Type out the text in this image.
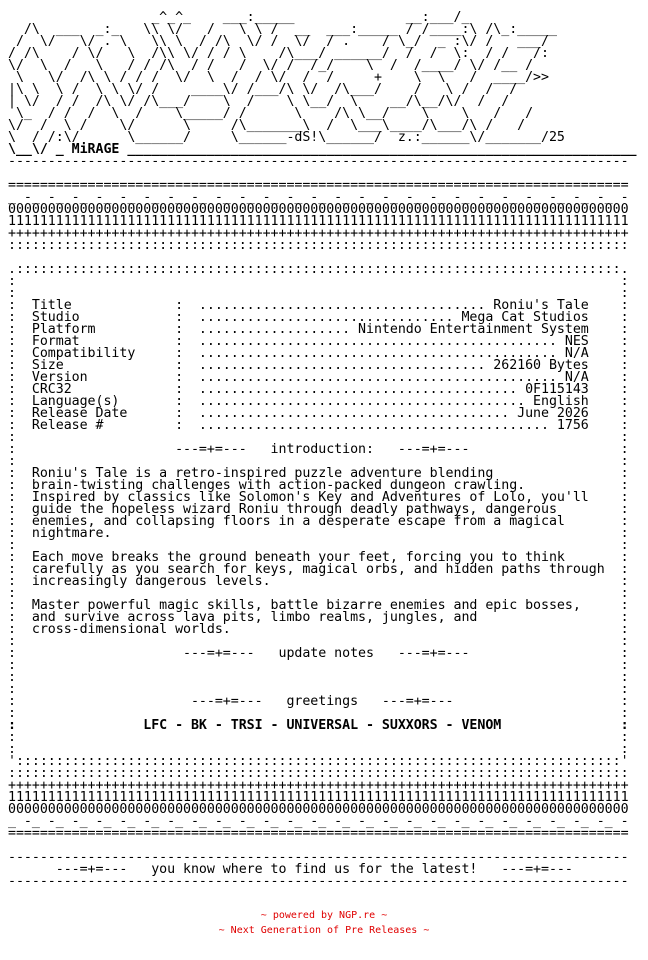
_^_^_    ___:_____              __:___/_
/\  ___  _:_   \\ \/   /   \ \ /  __  ___:_____ / /____:\ /\_:_____
/  \/   \/ . \   \\ \  / /\  \/ /  \/  / .    / \_/  _ :\/ /   ___/
/ /\    / \/   \  /\\ \/ / / \    /\___/ ______/  /  /  \:  / /   /:
\/  \  /   \   / / /\  / /   /  \/ /  /_/    \  /  /____/ \/ /__ /
\   \/  /\ \ / / /  \/  \  /  / \/  /  /     +    \  \   /  ____/>>
|\ \  \ /  \ \ \/ /    ____\/ /___/\ \/  /\___/    /   \ /  /  /
| \/  / /  /\ \/ /\___/    \  /    \ \__/  \    __/\__/\/  /  /
\_  / /  /  \  /    \_____/ /      \    /\ \__/    \    \   /   /
\/  /  \ /    \/      \     /\_______\  /  \___\____/\___/\ /   /
\  / /:\/      \______/     \______-dS!\______/  z.:______\/_______/25
\__\/ _ MiRAGE ________________________________________________________________
------------------------------------------------------------------------------

==============================================================================
_ -_ -_ -_ -_ -_ -_ -_ -_ -_ -_ -_ -_ -_ -_ -_ -_ -_ -_ -_ -_ -_ -_ -_ -_ -_ -
000000000000000000000000000000000000000000000000000000000000000000000000000000
111111111111111111111111111111111111111111111111111111111111111111111111111111
++++++++++++++++++++++++++++++++++++++++++++++++++++++++++++++++++++++++++++++
::::::::::::::::::::::::::::::::::::::::::::::::::::::::::::::::::::::::::::::

.::::::::::::::::::::::::::::::::::::::::::::::::::::::::::::::::::::::::::::.
:                                                                            :
:                                                                            :
:  Title             :  .................................... Roniu's Tale    :
:  Studio            :  ................................ Mega Cat Studios    :
:  Platform          :  ................... Nintendo Entertainment System    :
:  Format            :  ............................................. NES    :
:  Compatibility     :  ............................................. N/A    :
:  Size              :  .................................... 262160 Bytes    :
:  Version           :  ............................................. N/A    :
:  CRC32             :  ........................................ 0F115143    :
:  Language(s)       :  ......................................... English    :
:  Release Date      :  ....................................... June 2026    :
:  Release #         :  ............................................ 1756    :
:                                                                            :
:                    ---=+=---   introduction:   ---=+=---                   :
:                                                                            :
:  Roniu's Tale is a retro-inspired puzzle adventure blending                :
:  brain-twisting challenges with action-packed dungeon crawling.            :
:  Inspired by classics like Solomon's Key and Adventures of Lolo, you'll    :
:  guide the hopeless wizard Roniu through deadly pathways, dangerous        :
:  enemies, and collapsing floors in a desperate escape from a magical       :
:  nightmare.                                                                :
:                                                                            :
:  Each move breaks the ground beneath your feet, forcing you to think       :
:  carefully as you search for keys, magical orbs, and hidden paths through  :
:  increasingly dangerous levels.                                            :
:                                                                            :
:  Master powerful magic skills, battle bizarre enemies and epic bosses,     :
:  and survive across lava pits, limbo realms, jungles, and                  :
:  cross-dimensional worlds.                                                 :
:                                                                            :
:                     ---=+=---   update notes   ---=+=---                   :
:                                                                            :
:                                                                            :
:                                                                            :
:                      ---=+=---   greetings   ---=+=---                     :
:                                                                            :
:                LFC - BK - TRSI - UNIVERSAL - SUXXORS - VENOM               :
:                                                                            :
:                                                                            :
'::::::::::::::::::::::::::::::::::::::::::::::::::::::::::::::::::::::::::::'
::::::::::::::::::::::::::::::::::::::::::::::::::::::::::::::::::::::::::::::
++++++++++++++++++++++++++++++++++++++++++++++++++++++++++++++++++++++++++++++
111111111111111111111111111111111111111111111111111111111111111111111111111111
000000000000000000000000000000000000000000000000000000000000000000000000000000
_ -_ -_ -_ -_ -_ -_ -_ -_ -_ -_ -_ -_ -_ -_ -_ -_ -_ -_ -_ -_ -_ -_ -_ -_ -_ -
==============================================================================

------------------------------------------------------------------------------
---=+=---   you know where to find us for the latest!   ---=+=---
------------------------------------------------------------------------------

~ powered by NGP.re ~
~ Next Generation of Pre Releases ~
